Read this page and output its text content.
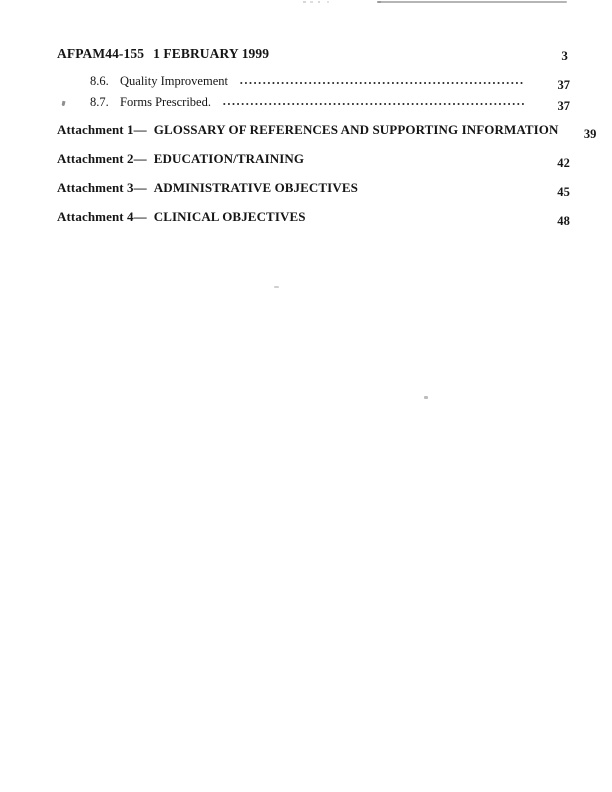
AFPAM44-155 1 FEBRUARY 1999	3
8.6. Quality Improvement	37
8.7. Forms Prescribed.	37
Attachment 1— GLOSSARY OF REFERENCES AND SUPPORTING INFORMATION	39
Attachment 2— EDUCATION/TRAINING	42
Attachment 3— ADMINISTRATIVE OBJECTIVES	45
Attachment 4— CLINICAL OBJECTIVES	48
